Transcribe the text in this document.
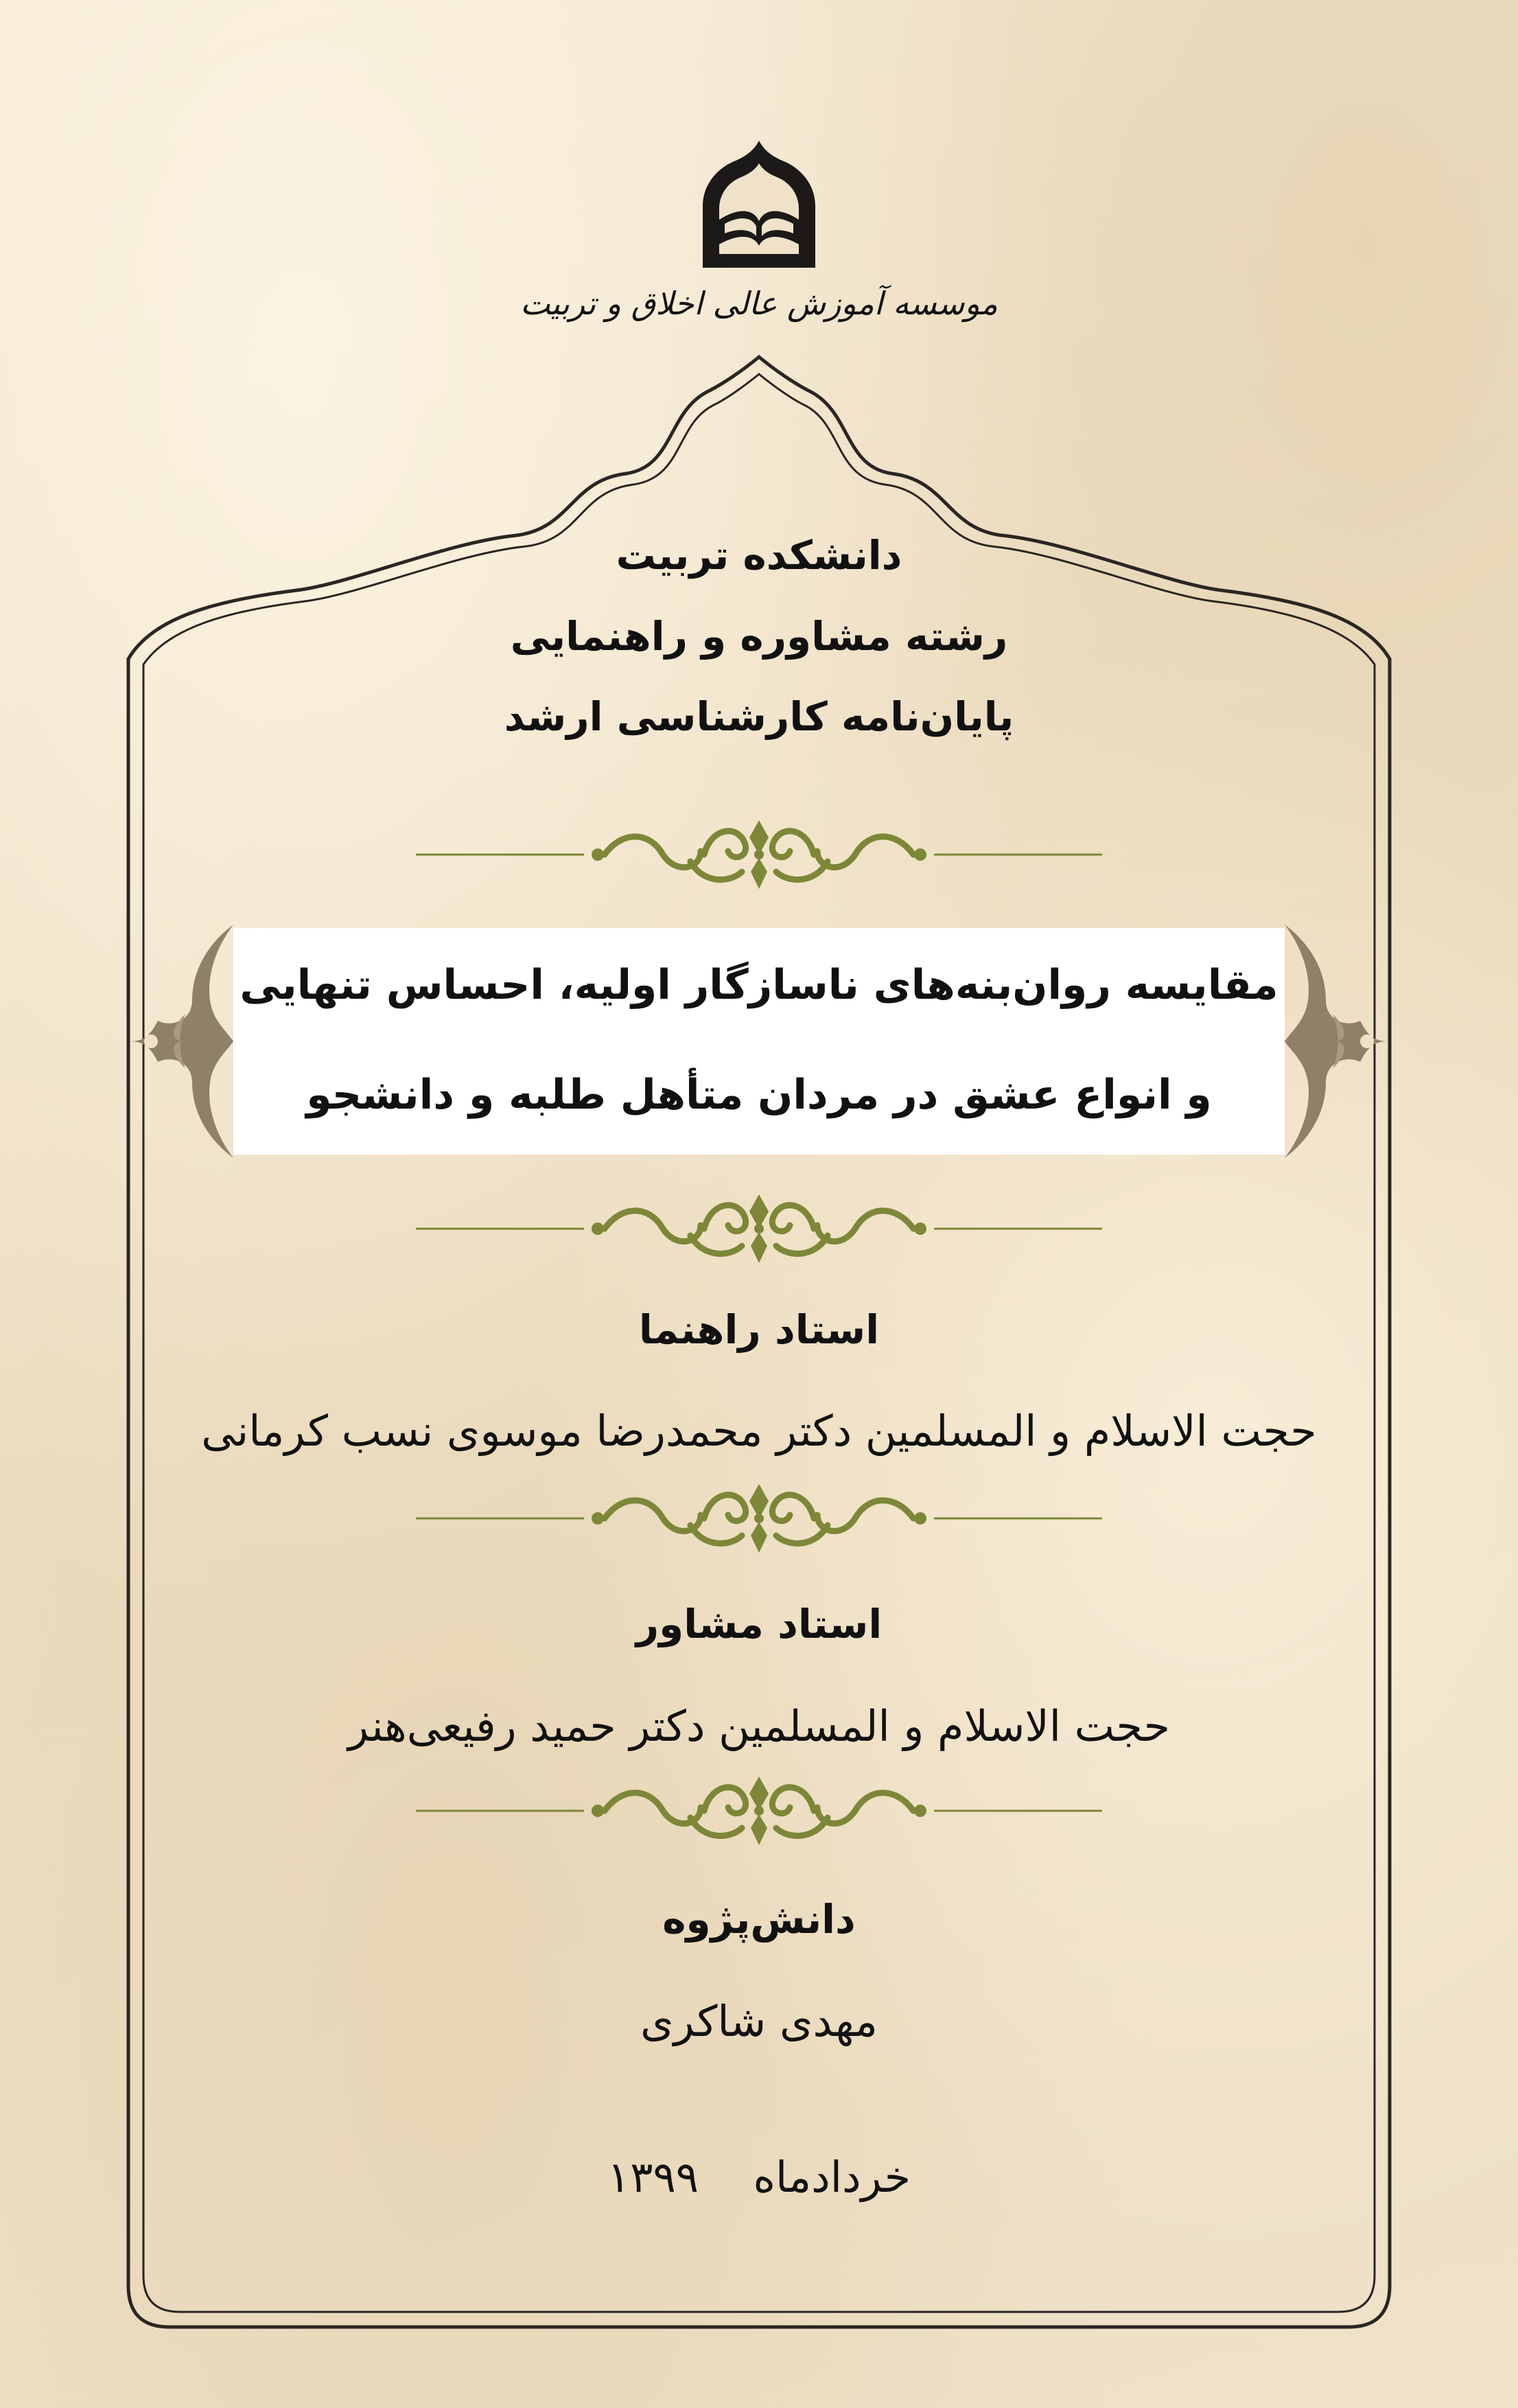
موسسه آموزش عالی اخلاق و تربیت
دانشکده تربیت
رشته مشاوره و راهنمایی
پایان‌نامه کارشناسی ارشد
مقایسه روان‌بنه‌های ناسازگار اولیه، احساس تنهایی
و انواع عشق در مردان متأهل طلبه و دانشجو
استاد راهنما
حجت الاسلام و المسلمین دکتر محمدرضا موسوی نسب کرمانی
استاد مشاور
حجت الاسلام و المسلمین دکتر حمید رفیعی‌هنر
دانش‌پژوه
مهدی شاکری
خردادماه  ۱۳۹۹
